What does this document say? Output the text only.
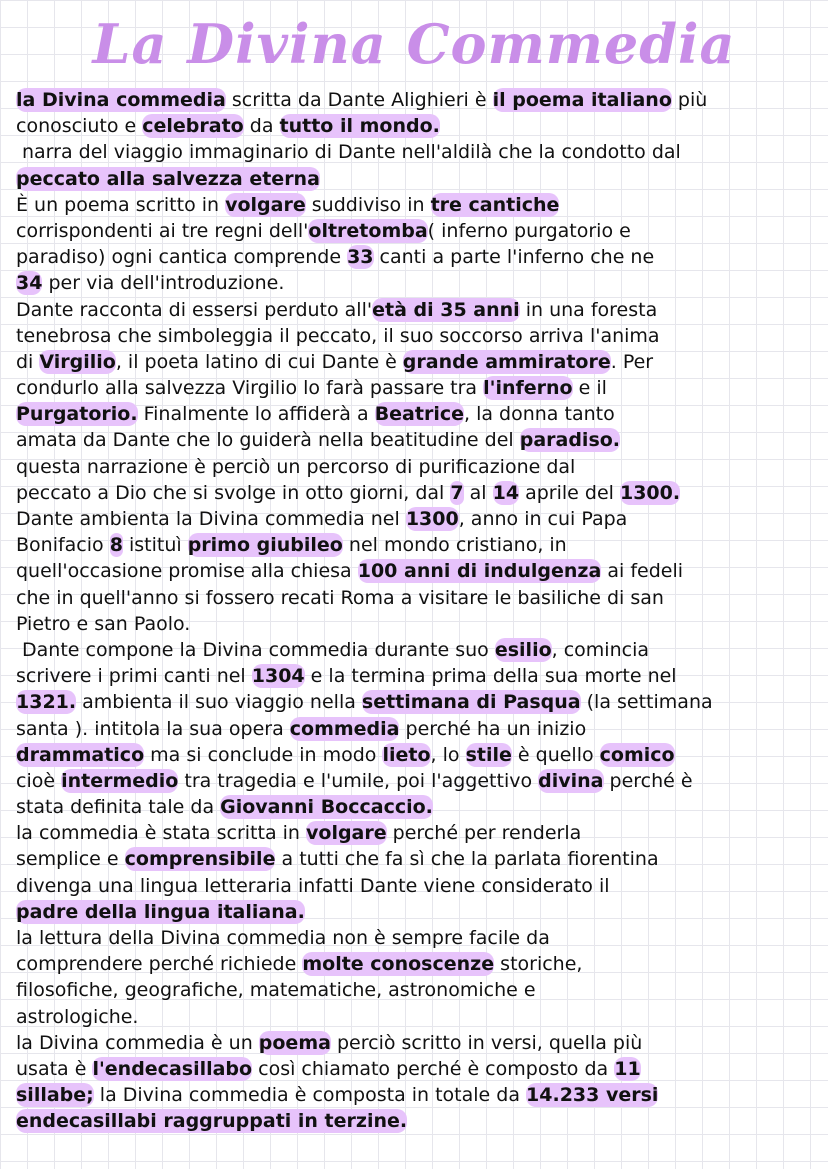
La Divina Commedia
la Divina commedia scritta da Dante Alighieri è il poema italiano più
conosciuto e celebrato da tutto il mondo.
narra del viaggio immaginario di Dante nell'aldilà che la condotto dal
peccato alla salvezza eterna
È un poema scritto in volgare suddiviso in tre cantiche
corrispondenti ai tre regni dell'oltretomba( inferno purgatorio e
paradiso) ogni cantica comprende 33 canti a parte l'inferno che ne
34 per via dell'introduzione.
Dante racconta di essersi perduto all'età di 35 anni in una foresta
tenebrosa che simboleggia il peccato, il suo soccorso arriva l'anima
di Virgilio, il poeta latino di cui Dante è grande ammiratore. Per
condurlo alla salvezza Virgilio lo farà passare tra l'inferno e il
Purgatorio. Finalmente lo affiderà a Beatrice, la donna tanto
amata da Dante che lo guiderà nella beatitudine del paradiso.
questa narrazione è perciò un percorso di purificazione dal
peccato a Dio che si svolge in otto giorni, dal 7 al 14 aprile del 1300.
Dante ambienta la Divina commedia nel 1300, anno in cui Papa
Bonifacio 8 istituì primo giubileo nel mondo cristiano, in
quell'occasione promise alla chiesa 100 anni di indulgenza ai fedeli
che in quell'anno si fossero recati Roma a visitare le basiliche di san
Pietro e san Paolo.
Dante compone la Divina commedia durante suo esilio, comincia
scrivere i primi canti nel 1304 e la termina prima della sua morte nel
1321. ambienta il suo viaggio nella settimana di Pasqua (la settimana
santa ). intitola la sua opera commedia perché ha un inizio
drammatico ma si conclude in modo lieto, lo stile è quello comico
cioè intermedio tra tragedia e l'umile, poi l'aggettivo divina perché è
stata definita tale da Giovanni Boccaccio.
la commedia è stata scritta in volgare perché per renderla
semplice e comprensibile a tutti che fa sì che la parlata fiorentina
divenga una lingua letteraria infatti Dante viene considerato il
padre della lingua italiana.
la lettura della Divina commedia non è sempre facile da
comprendere perché richiede molte conoscenze storiche,
filosofiche, geografiche, matematiche, astronomiche e
astrologiche.
la Divina commedia è un poema perciò scritto in versi, quella più
usata è l'endecasillabo così chiamato perché è composto da 11
sillabe; la Divina commedia è composta in totale da 14.233 versi
endecasillabi raggruppati in terzine.
